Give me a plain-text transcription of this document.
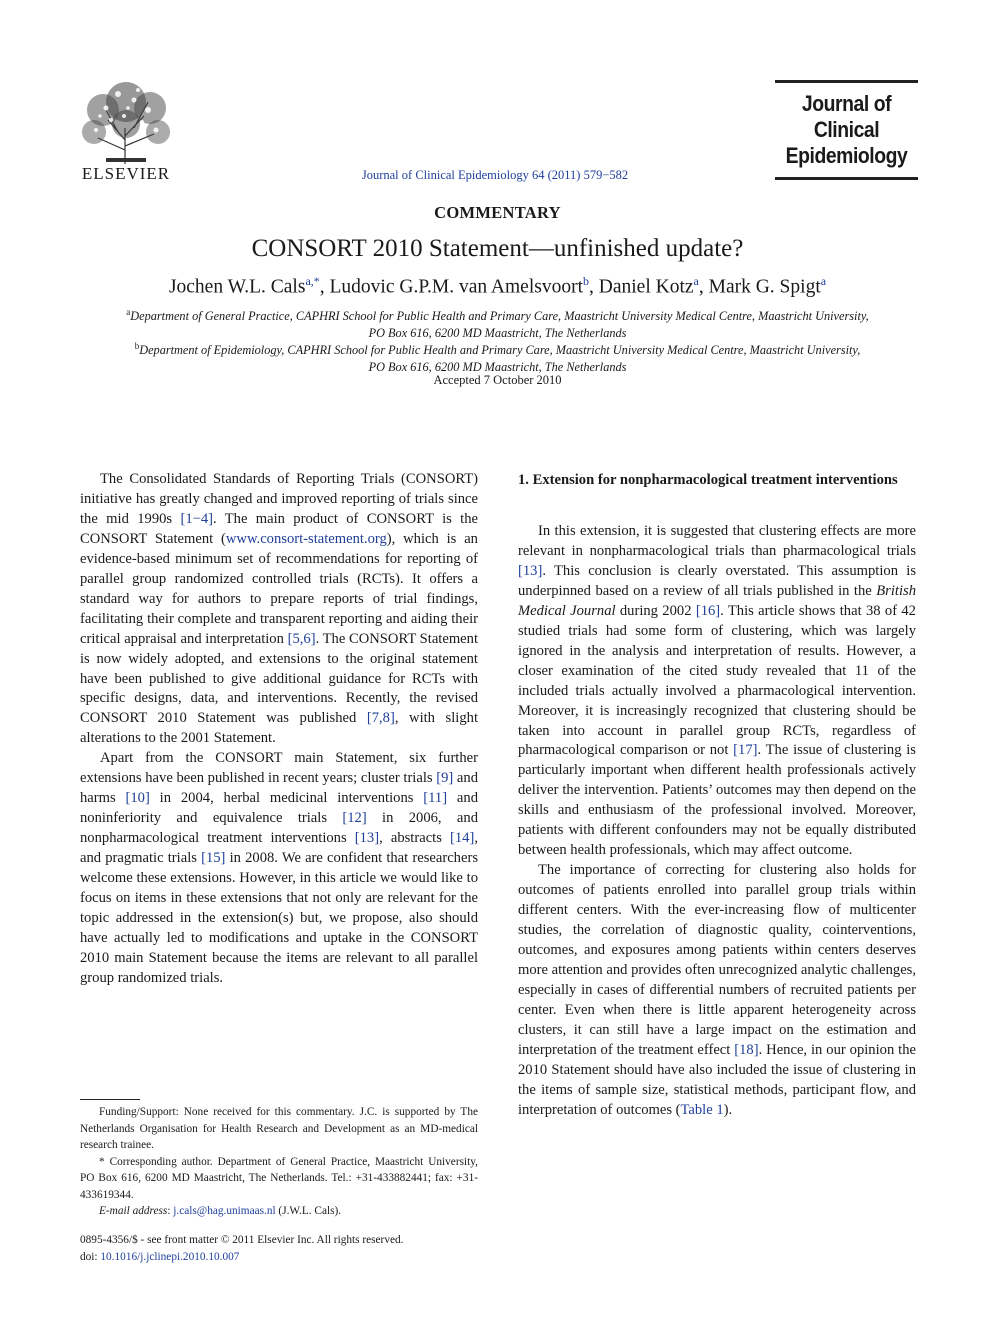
ELSEVIER	Journal of Clinical Epidemiology 64 (2011) 579−582
Journal of
Clinical
Epidemiology
COMMENTARY
CONSORT 2010 Statement—unfinished update?
Jochen W.L. Cals$^{a,*}$, Ludovic G.P.M. van Amelsvoort$^b$, Daniel Kotz$^a$, Mark G. Spigt$^a$
$^a$Department of General Practice, CAPHRI School for Public Health and Primary Care, Maastricht University Medical Centre, Maastricht University,
PO Box 616, 6200 MD Maastricht, The Netherlands
$^b$Department of Epidemiology, CAPHRI School for Public Health and Primary Care, Maastricht University Medical Centre, Maastricht University,
PO Box 616, 6200 MD Maastricht, The Netherlands
Accepted 7 October 2010

The Consolidated Standards of Reporting Trials (CONSORT) initiative has greatly changed and improved reporting of trials since the mid 1990s [1−4]. The main product of CONSORT is the CONSORT Statement (www.consort-statement.org), which is an evidence-based minimum set of recommendations for reporting of parallel group randomized controlled trials (RCTs). It offers a standard way for authors to prepare reports of trial findings, facilitating their complete and transparent reporting and aiding their critical appraisal and interpretation [5,6]. The CONSORT Statement is now widely adopted, and extensions to the original statement have been published to give additional guidance for RCTs with specific designs, data, and interventions. Recently, the revised CONSORT 2010 Statement was published [7,8], with slight alterations to the 2001 Statement.

Apart from the CONSORT main Statement, six further extensions have been published in recent years; cluster trials [9] and harms [10] in 2004, herbal medicinal interventions [11] and noninferiority and equivalence trials [12] in 2006, and nonpharmacological treatment interventions [13], abstracts [14], and pragmatic trials [15] in 2008. We are confident that researchers welcome these extensions. However, in this article we would like to focus on items in these extensions that not only are relevant for the topic addressed in the extension(s) but, we propose, also should have actually led to modifications and uptake in the CONSORT 2010 main Statement because the items are relevant to all parallel group randomized trials.

Funding/Support: None received for this commentary. J.C. is supported by The Netherlands Organisation for Health Research and Development as an MD-medical research trainee.

* Corresponding author. Department of General Practice, Maastricht University, PO Box 616, 6200 MD Maastricht, The Netherlands. Tel.: +31-433882441; fax: +31-433619344.

E-mail address: j.cals@hag.unimaas.nl (J.W.L. Cals).

0895-4356/$ - see front matter © 2011 Elsevier Inc. All rights reserved.
doi: 10.1016/j.jclinepi.2010.10.007
1. Extension for nonpharmacological treatment interventions

In this extension, it is suggested that clustering effects are more relevant in nonpharmacological trials than pharmacological trials [13]. This conclusion is clearly overstated. This assumption is underpinned based on a review of all trials published in the British Medical Journal during 2002 [16]. This article shows that 38 of 42 studied trials had some form of clustering, which was largely ignored in the analysis and interpretation of results. However, a closer examination of the cited study revealed that 11 of the included trials actually involved a pharmacological intervention. Moreover, it is increasingly recognized that clustering should be taken into account in parallel group RCTs, regardless of pharmacological comparison or not [17]. The issue of clustering is particularly important when different health professionals actively deliver the intervention. Patients’ outcomes may then depend on the skills and enthusiasm of the professional involved. Moreover, patients with different confounders may not be equally distributed between health professionals, which may affect outcome.

The importance of correcting for clustering also holds for outcomes of patients enrolled into parallel group trials within different centers. With the ever-increasing flow of multicenter studies, the correlation of diagnostic quality, cointerventions, outcomes, and exposures among patients within centers deserves more attention and provides often unrecognized analytic challenges, especially in cases of differential numbers of recruited patients per center. Even when there is little apparent heterogeneity across clusters, it can still have a large impact on the estimation and interpretation of the treatment effect [18]. Hence, in our opinion the 2010 Statement should have also included the issue of clustering in the items of sample size, statistical methods, participant flow, and interpretation of outcomes (Table 1).
